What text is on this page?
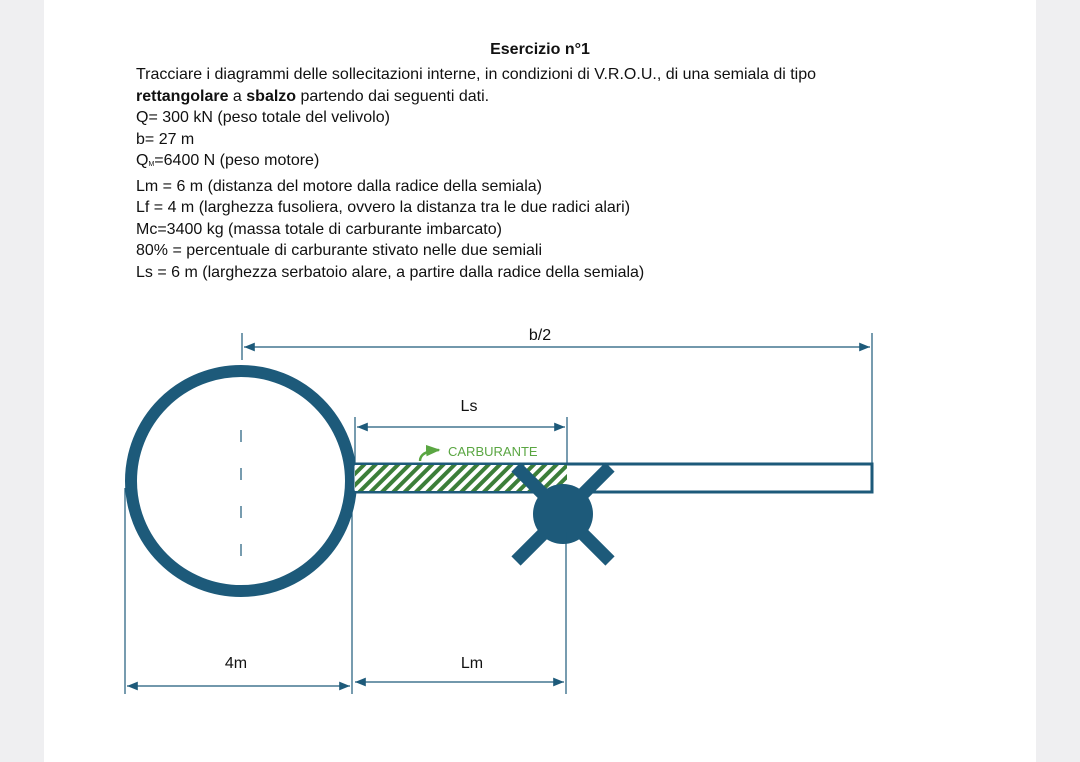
Esercizio n°1
Tracciare i diagrammi delle sollecitazioni interne, in condizioni di V.R.O.U., di una semiala di tipo
rettangolare a sbalzo partendo dai seguenti dati.
Q= 300 kN (peso totale del velivolo)
b= 27 m
QM=6400 N (peso motore)
Lm = 6 m (distanza del motore dalla radice della semiala)
Lf = 4 m (larghezza fusoliera, ovvero la distanza tra le due radici alari)
Mc=3400 kg (massa totale di carburante imbarcato)
80% = percentuale di carburante stivato nelle due semiali
Ls = 6 m (larghezza serbatoio alare, a partire dalla radice della semiala)
b/2
Ls
CARBURANTE
4m	Lm
